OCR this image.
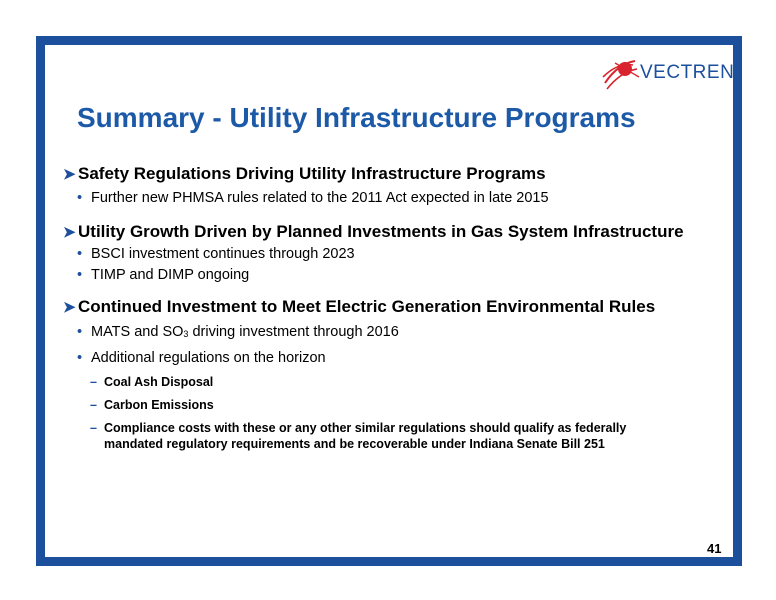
VECTREN
Summary - Utility Infrastructure Programs
➤ Safety Regulations Driving Utility Infrastructure Programs
• Further new PHMSA rules related to the 2011 Act expected in late 2015
➤ Utility Growth Driven by Planned Investments in Gas System Infrastructure
• BSCI investment continues through 2023
• TIMP and DIMP ongoing
➤ Continued Investment to Meet Electric Generation Environmental Rules
• MATS and $SO_3$ driving investment through 2016
• Additional regulations on the horizon
– Coal Ash Disposal
– Carbon Emissions
– Compliance costs with these or any other similar regulations should qualify as federally
mandated regulatory requirements and be recoverable under Indiana Senate Bill 251
41
